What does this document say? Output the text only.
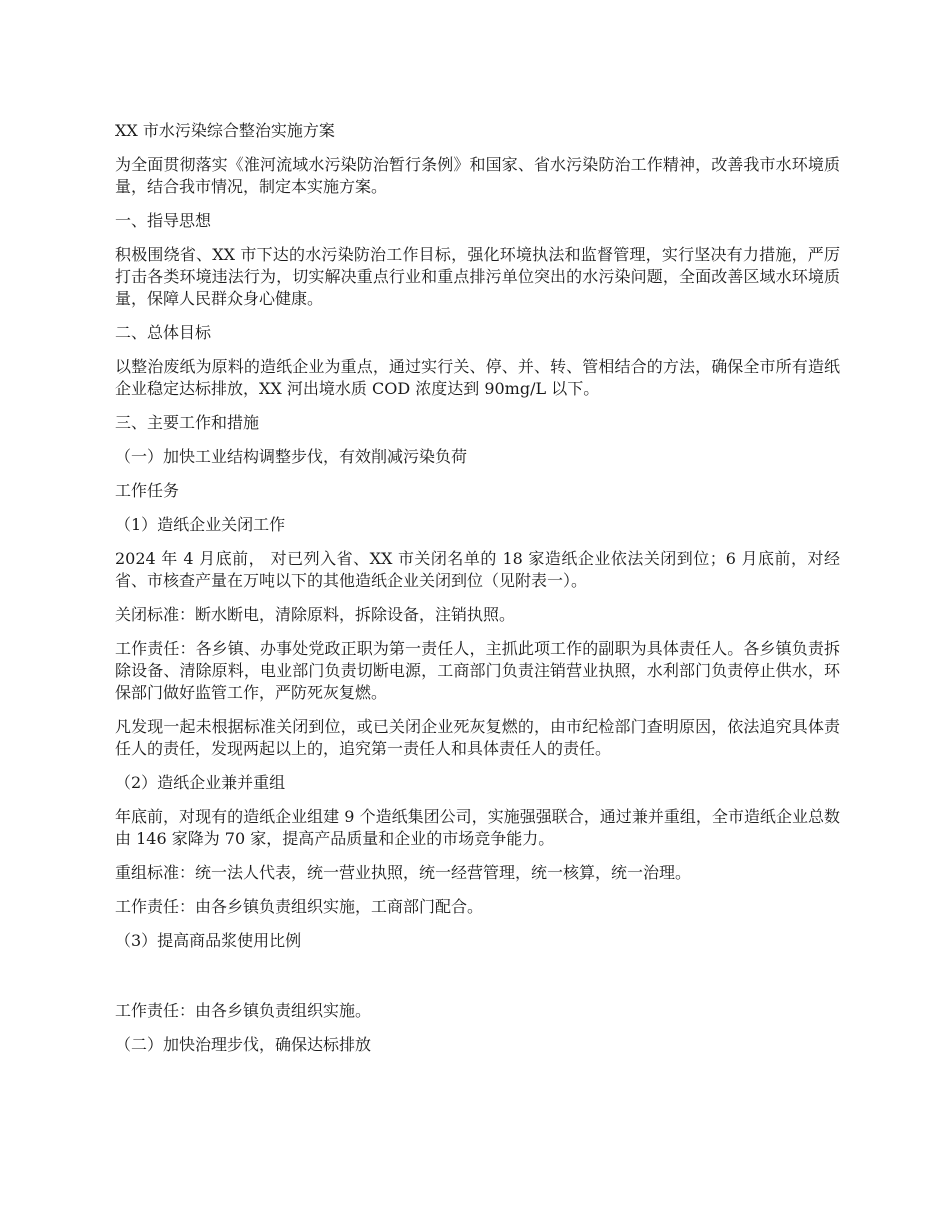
XX 市水污染综合整治实施方案

为全面贯彻落实《淮河流域水污染防治暂行条例》和国家、省水污染防治工作精神，改善我市水环境质量，结合我市情况，制定本实施方案。

一、指导思想

积极围绕省、XX 市下达的水污染防治工作目标，强化环境执法和监督管理，实行坚决有力措施，严厉打击各类环境违法行为，切实解决重点行业和重点排污单位突出的水污染问题，全面改善区域水环境质量，保障人民群众身心健康。

二、总体目标

以整治废纸为原料的造纸企业为重点，通过实行关、停、并、转、管相结合的方法，确保全市所有造纸企业稳定达标排放，XX 河出境水质 COD 浓度达到 90mg/L 以下。

三、主要工作和措施

（一）加快工业结构调整步伐，有效削减污染负荷

工作任务

（1）造纸企业关闭工作

2024 年 4 月底前， 对已列入省、XX 市关闭名单的 18 家造纸企业依法关闭到位；6 月底前，对经省、市核查产量在万吨以下的其他造纸企业关闭到位（见附表一）。

关闭标准：断水断电，清除原料，拆除设备，注销执照。

工作责任：各乡镇、办事处党政正职为第一责任人，主抓此项工作的副职为具体责任人。各乡镇负责拆除设备、清除原料，电业部门负责切断电源，工商部门负责注销营业执照，水利部门负责停止供水，环保部门做好监管工作，严防死灰复燃。

凡发现一起未根据标准关闭到位，或已关闭企业死灰复燃的，由市纪检部门查明原因，依法追究具体责任人的责任，发现两起以上的，追究第一责任人和具体责任人的责任。

（2）造纸企业兼并重组

年底前，对现有的造纸企业组建 9 个造纸集团公司，实施强强联合，通过兼并重组，全市造纸企业总数由 146 家降为 70 家，提高产品质量和企业的市场竞争能力。

重组标准：统一法人代表，统一营业执照，统一经营管理，统一核算，统一治理。

工作责任：由各乡镇负责组织实施，工商部门配合。

（3）提高商品浆使用比例

工作责任：由各乡镇负责组织实施。

（二）加快治理步伐，确保达标排放
